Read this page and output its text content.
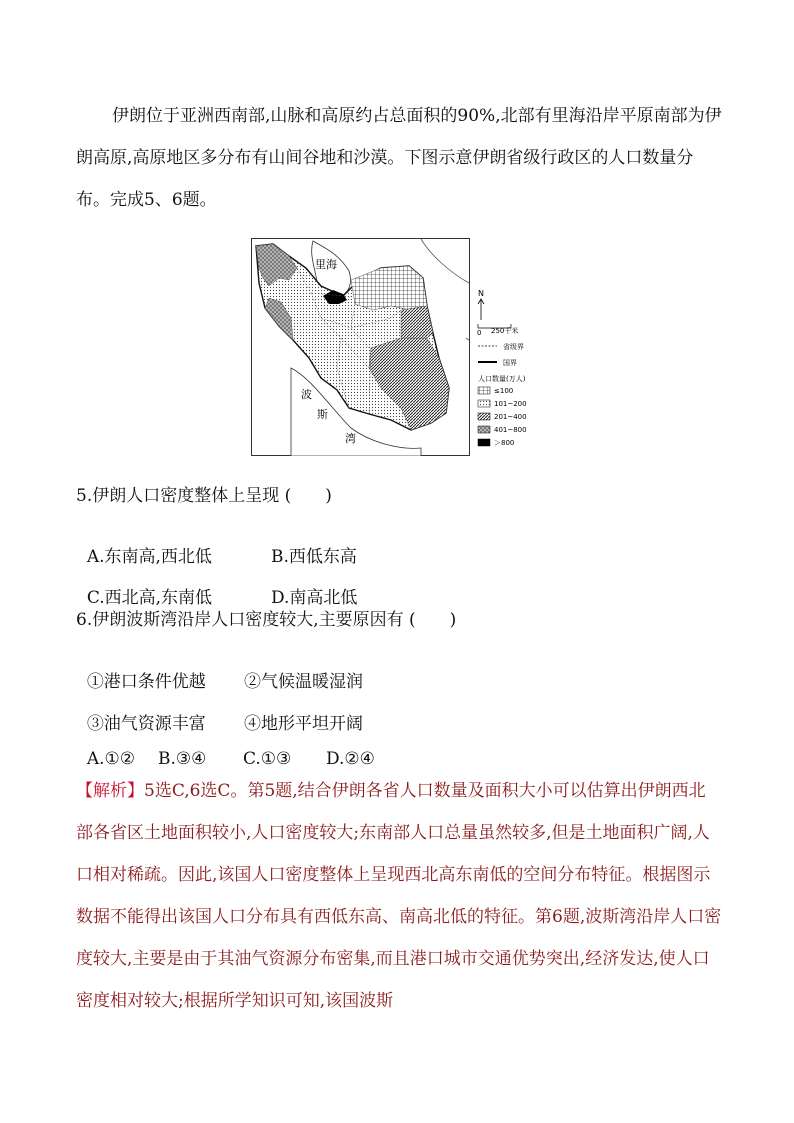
伊朗位于亚洲西南部,山脉和高原约占总面积的90%,北部有里海沿岸平原南部为伊朗高原,高原地区多分布有山间谷地和沙漠。下图示意伊朗省级行政区的人口数量分布。完成5、6题。

里海
波
斯
湾
N
0 250千米
省级界
国界
人口数量(万人)
≤100
101~200
201~400
401~800
＞800

5.伊朗人口密度整体上呈现 (　　)

A.东南高,西北低	B.西低东高

C.西北高,东南低	D.南高北低

6.伊朗波斯湾沿岸人口密度较大,主要原因有 (　　)

①港口条件优越 ②气候温暖湿润

③油气资源丰富 ④地形平坦开阔

A.①② B.③④ C.①③ D.②④

【解析】5选C,6选C。第5题,结合伊朗各省人口数量及面积大小可以估算出伊朗西北部各省区土地面积较小,人口密度较大;东南部人口总量虽然较多,但是土地面积广阔,人口相对稀疏。因此,该国人口密度整体上呈现西北高东南低的空间分布特征。根据图示数据不能得出该国人口分布具有西低东高、南高北低的特征。第6题,波斯湾沿岸人口密度较大,主要是由于其油气资源分布密集,而且港口城市交通优势突出,经济发达,使人口密度相对较大;根据所学知识可知,该国波斯
